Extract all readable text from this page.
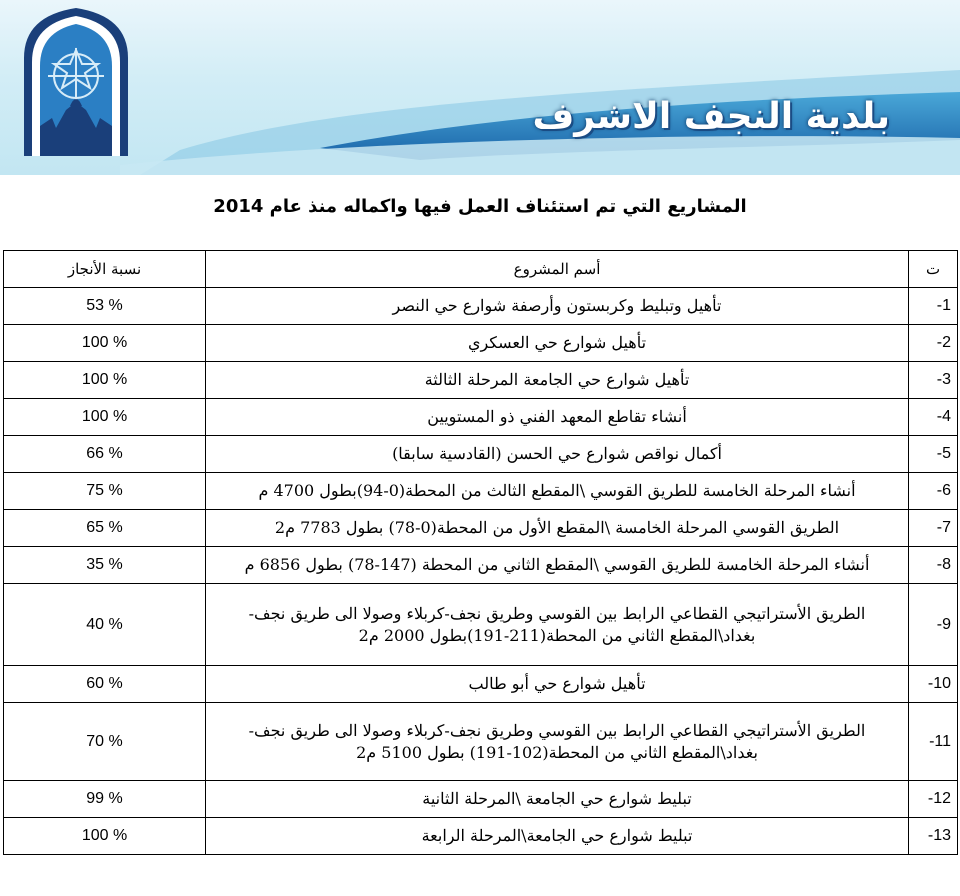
بلدية النجف الاشرف
المشاريع التي تم استئناف العمل فيها واكماله منذ عام 2014
ت	أسم المشروع	نسبة الأنجاز
-1	تأهيل وتبليط وكربستون وأرصفة شوارع حي النصر	53 %
-2	تأهيل شوارع حي العسكري	100 %
-3	تأهيل شوارع حي الجامعة المرحلة الثالثة	100 %
-4	أنشاء تقاطع المعهد الفني ذو المستويين	100 %
-5	أكمال نواقص شوارع حي الحسن (القادسية سابقا)	66 %
-6	أنشاء المرحلة الخامسة للطريق القوسي \المقطع الثالث من المحطة(0-94)بطول 4700 م	75 %
-7	الطريق القوسي المرحلة الخامسة \المقطع الأول من المحطة(0-78) بطول 7783 م2	65 %
-8	أنشاء المرحلة الخامسة للطريق القوسي \المقطع الثاني من المحطة (147-78) بطول 6856 م	35 %
-9	الطريق الأستراتيجي القطاعي الرابط بين القوسي وطريق نجف-كربلاء وصولا الى طريق نجف-بغداد\المقطع الثاني من المحطة(211-191)بطول 2000 م2	40 %
-10	تأهيل شوارع حي أبو طالب	60 %
-11	الطريق الأستراتيجي القطاعي الرابط بين القوسي وطريق نجف-كربلاء وصولا الى طريق نجف-بغداد\المقطع الثاني من المحطة(102-191) بطول 5100 م2	70 %
-12	تبليط شوارع حي الجامعة \المرحلة الثانية	99 %
-13	تبليط شوارع حي الجامعة\المرحلة الرابعة	100 %
